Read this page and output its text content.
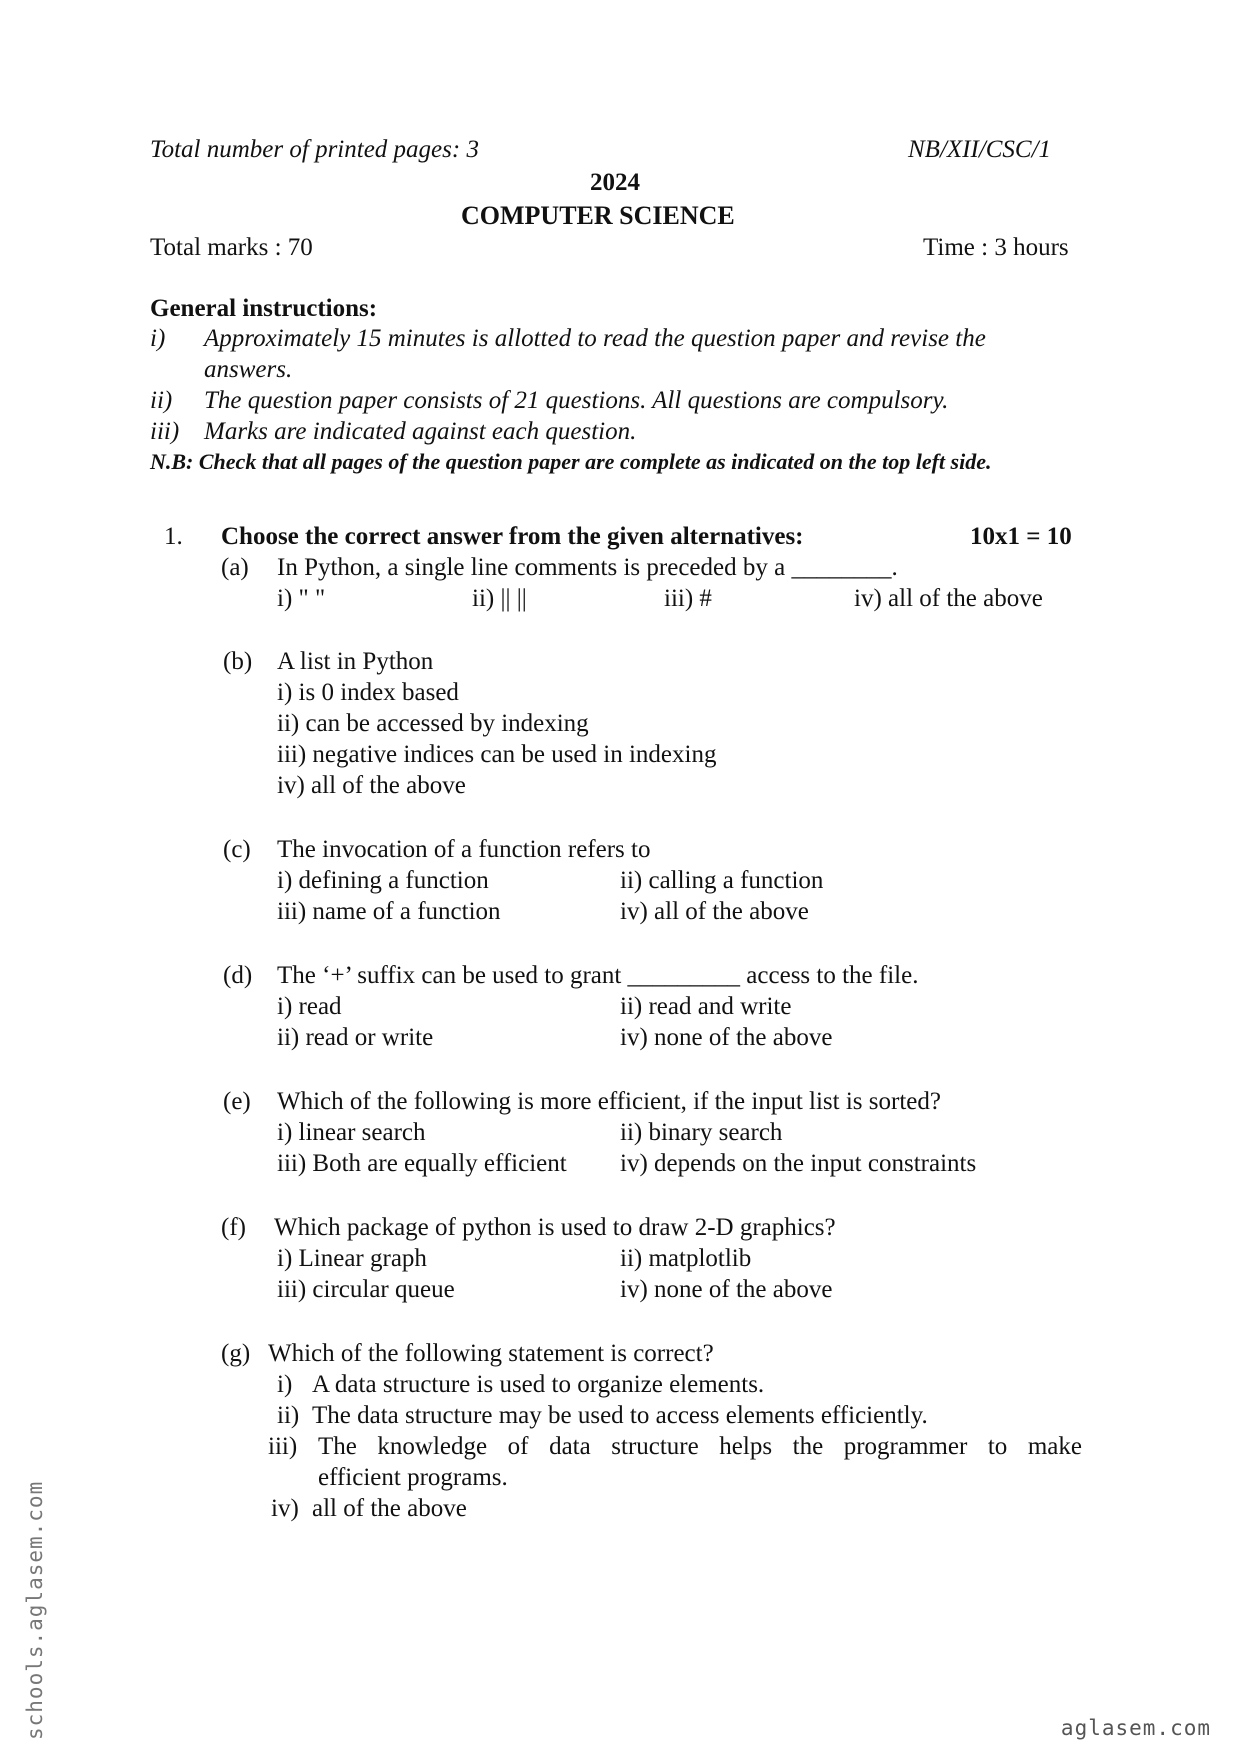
Total number of printed pages: 3	NB/XII/CSC/1
2024
COMPUTER SCIENCE
Total marks : 70	Time : 3 hours
General instructions:
i) Approximately 15 minutes is allotted to read the question paper and revise the
answers.
ii) The question paper consists of 21 questions. All questions are compulsory.
iii) Marks are indicated against each question.
N.B: Check that all pages of the question paper are complete as indicated on the top left side.
1. Choose the correct answer from the given alternatives:	10x1 = 10
(a) In Python, a single line comments is preceded by a ________.
i) " "	ii) || ||	iii) #	iv) all of the above
(b) A list in Python
i) is 0 index based
ii) can be accessed by indexing
iii) negative indices can be used in indexing
iv) all of the above
(c) The invocation of a function refers to
i) defining a function	ii) calling a function
iii) name of a function	iv) all of the above
(d) The ‘+’ suffix can be used to grant _________ access to the file.
i) read	ii) read and write
ii) read or write	iv) none of the above
(e) Which of the following is more efficient, if the input list is sorted?
i) linear search	ii) binary search
iii) Both are equally efficient iv) depends on the input constraints
(f) Which package of python is used to draw 2-D graphics?
i) Linear graph	ii) matplotlib
iii) circular queue	iv) none of the above
(g) Which of the following statement is correct?
i) A data structure is used to organize elements.
ii) The data structure may be used to access elements efficiently.
iii) The knowledge of data structure helps the programmer to make
efficient programs.
iv) all of the above
schools.aglasem.com	aglasem.com
